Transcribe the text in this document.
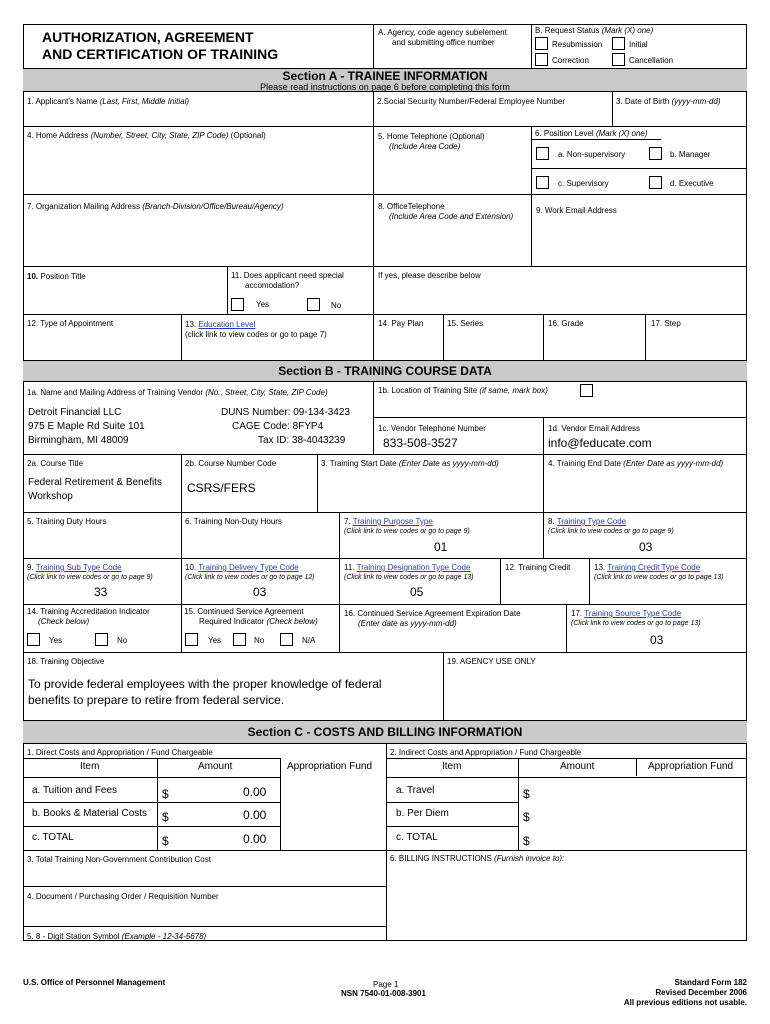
AUTHORIZATION, AGREEMENT
AND CERTIFICATION OF TRAINING
A. Agency, code agency subelement
and submitting office number
B. Request Status (Mark (X) one)
Resubmission	Initial
Correction	Cancellation
Section A - TRAINEE INFORMATION
Please read instructions on page 6 before completing this form
1. Applicant's Name (Last, First, Middle Initial)	2.Social Security Number/Federal Employee Number	3. Date of Birth (yyyy-mm-dd)
4. Home Address (Number, Street, City, State, ZIP Code) (Optional)	5. Home Telephone (Optional)
(Include Area Code)
6. Position Level (Mark (X) one)
a. Non-supervisory	b. Manager
c. Supervisory	d. Executive
7. Organization Mailing Address (Branch-Division/Office/Bureau/Agency)	8. OfficeTelephone
(Include Area Code and Extension)
9. Work Email Address
10. Position Title	11. Does applicant need special
accomodation?
Yes	No
If yes, please describe below
12. Type of Appointment	13. Education Level
(click link to view codes or go to page 7)
14. Pay Plan	15. Series	16. Grade	17. Step
Section B - TRAINING COURSE DATA
1a. Name and Mailing Address of Training Vendor (No., Street, City, State, ZIP Code)	1b. Location of Training Site (if same, mark box)
Detroit Financial LLC
975 E Maple Rd Suite 101
Birmingham, MI 48009
DUNS Number: 09-134-3423
CAGE Code: 8FYP4
Tax ID: 38-4043239
1c. Vendor Telephone Number
833-508-3527
1d. Vendor Email Address
info@feducate.com
2a. Course Title
Federal Retirement & Benefits
Workshop
2b. Course Number Code
CSRS/FERS
3. Training Start Date (Enter Date as yyyy-mm-dd)	4. Training End Date (Enter Date as yyyy-mm-dd)
5. Training Duty Hours	6. Training Non-Duty Hours	7. Training Purpose Type
(Click link to view codes or go to page 9)
01
8. Training Type Code
(Click link to view codes or go to page 9)
03
9. Training Sub Type Code
(Click link to view codes or go to page 9)
33
10. Training Delivery Type Code
(Click link to view codes or go to page 12)
03
11. Training Designation Type Code
(Click link to view codes or go to page 13)
05
12. Training Credit	13. Training Credit Type Code
(Click link to view codes or go to page 13)
14. Training Accreditation Indicator
(Check below)
Yes	No
15. Continued Service Agreement
Required Indicator (Check below)
Yes	No	N/A
16. Continued Service Agreement Expiration Date
(Enter date as yyyy-mm-dd)
17. Training Source Type Code
(Click link to view codes or go to page 13)
03
18. Training Objective
To provide federal employees with the proper knowledge of federal
benefits to prepare to retire from federal service.
19. AGENCY USE ONLY
Section C - COSTS AND BILLING INFORMATION
1. Direct Costs and Appropriation / Fund Chargeable	2. Indirect Costs and Appropriation / Fund Chargeable
Item	Amount	Appropriation Fund
a. Tuition and Fees	$	0.00
b. Books & Material Costs $	0.00
c. TOTAL	$	0.00
Item	Amount	Appropriation Fund
a. Travel	$
b. Per Diem	$
c. TOTAL	$
3. Total Training Non-Government Contribution Cost
4. Document / Purchasing Order / Requisition Number
5. 8 - Digit Station Symbol (Example - 12-34-5678)
6. BILLING INSTRUCTIONS (Furnish invoice to):
U.S. Office of Personnel Management	Page 1
NSN 7540-01-008-3901
Standard Form 182
Revised December 2006
All previous editions not usable.
